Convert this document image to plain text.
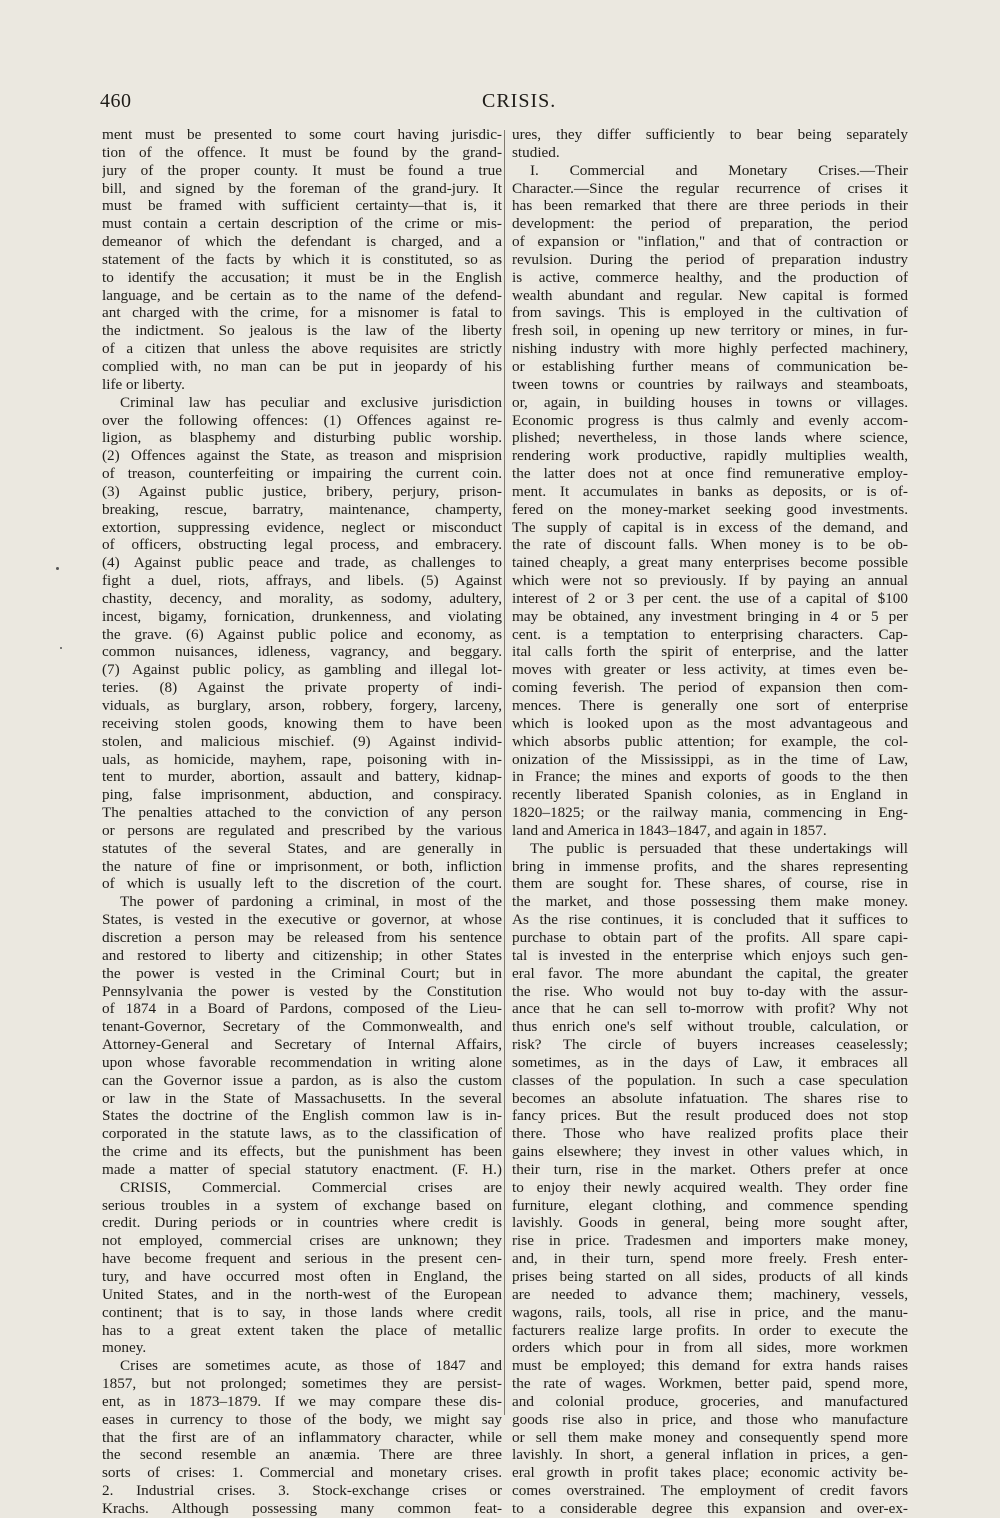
460	CRISIS.
ment must be presented to some court having jurisdic-
tion of the offence. It must be found by the grand-
jury of the proper county. It must be found a true
bill, and signed by the foreman of the grand-jury. It
must be framed with sufficient certainty—that is, it
must contain a certain description of the crime or mis-
demeanor of which the defendant is charged, and a
statement of the facts by which it is constituted, so as
to identify the accusation; it must be in the English
language, and be certain as to the name of the defend-
ant charged with the crime, for a misnomer is fatal to
the indictment. So jealous is the law of the liberty
of a citizen that unless the above requisites are strictly
complied with, no man can be put in jeopardy of his
life or liberty.
Criminal law has peculiar and exclusive jurisdiction
over the following offences: (1) Offences against re-
ligion, as blasphemy and disturbing public worship.
(2) Offences against the State, as treason and misprision
of treason, counterfeiting or impairing the current coin.
(3) Against public justice, bribery, perjury, prison-
breaking, rescue, barratry, maintenance, champerty,
extortion, suppressing evidence, neglect or misconduct
of officers, obstructing legal process, and embracery.
(4) Against public peace and trade, as challenges to
fight a duel, riots, affrays, and libels. (5) Against
chastity, decency, and morality, as sodomy, adultery,
incest, bigamy, fornication, drunkenness, and violating
the grave. (6) Against public police and economy, as
common nuisances, idleness, vagrancy, and beggary.
(7) Against public policy, as gambling and illegal lot-
teries. (8) Against the private property of indi-
viduals, as burglary, arson, robbery, forgery, larceny,
receiving stolen goods, knowing them to have been
stolen, and malicious mischief. (9) Against individ-
uals, as homicide, mayhem, rape, poisoning with in-
tent to murder, abortion, assault and battery, kidnap-
ping, false imprisonment, abduction, and conspiracy.
The penalties attached to the conviction of any person
or persons are regulated and prescribed by the various
statutes of the several States, and are generally in
the nature of fine or imprisonment, or both, infliction
of which is usually left to the discretion of the court.
The power of pardoning a criminal, in most of the
States, is vested in the executive or governor, at whose
discretion a person may be released from his sentence
and restored to liberty and citizenship; in other States
the power is vested in the Criminal Court; but in
Pennsylvania the power is vested by the Constitution
of 1874 in a Board of Pardons, composed of the Lieu-
tenant-Governor, Secretary of the Commonwealth, and
Attorney-General and Secretary of Internal Affairs,
upon whose favorable recommendation in writing alone
can the Governor issue a pardon, as is also the custom
or law in the State of Massachusetts. In the several
States the doctrine of the English common law is in-
corporated in the statute laws, as to the classification of
the crime and its effects, but the punishment has been
made a matter of special statutory enactment. (F. H.)
CRISIS, Commercial. Commercial crises are
serious troubles in a system of exchange based on
credit. During periods or in countries where credit is
not employed, commercial crises are unknown; they
have become frequent and serious in the present cen-
tury, and have occurred most often in England, the
United States, and in the north-west of the European
continent; that is to say, in those lands where credit
has to a great extent taken the place of metallic
money.
Crises are sometimes acute, as those of 1847 and
1857, but not prolonged; sometimes they are persist-
ent, as in 1873–1879. If we may compare these dis-
eases in currency to those of the body, we might say
that the first are of an inflammatory character, while
the second resemble an anæmia. There are three
sorts of crises: 1. Commercial and monetary crises.
2. Industrial crises. 3. Stock-exchange crises or
Krachs. Although possessing many common feat-
ures, they differ sufficiently to bear being separately
studied.
I. Commercial and Monetary Crises.—Their
Character.—Since the regular recurrence of crises it
has been remarked that there are three periods in their
development: the period of preparation, the period
of expansion or "inflation," and that of contraction or
revulsion. During the period of preparation industry
is active, commerce healthy, and the production of
wealth abundant and regular. New capital is formed
from savings. This is employed in the cultivation of
fresh soil, in opening up new territory or mines, in fur-
nishing industry with more highly perfected machinery,
or establishing further means of communication be-
tween towns or countries by railways and steamboats,
or, again, in building houses in towns or villages.
Economic progress is thus calmly and evenly accom-
plished; nevertheless, in those lands where science,
rendering work productive, rapidly multiplies wealth,
the latter does not at once find remunerative employ-
ment. It accumulates in banks as deposits, or is of-
fered on the money-market seeking good investments.
The supply of capital is in excess of the demand, and
the rate of discount falls. When money is to be ob-
tained cheaply, a great many enterprises become possible
which were not so previously. If by paying an annual
interest of 2 or 3 per cent. the use of a capital of $100
may be obtained, any investment bringing in 4 or 5 per
cent. is a temptation to enterprising characters. Cap-
ital calls forth the spirit of enterprise, and the latter
moves with greater or less activity, at times even be-
coming feverish. The period of expansion then com-
mences. There is generally one sort of enterprise
which is looked upon as the most advantageous and
which absorbs public attention; for example, the col-
onization of the Mississippi, as in the time of Law,
in France; the mines and exports of goods to the then
recently liberated Spanish colonies, as in England in
1820–1825; or the railway mania, commencing in Eng-
land and America in 1843–1847, and again in 1857.
The public is persuaded that these undertakings will
bring in immense profits, and the shares representing
them are sought for. These shares, of course, rise in
the market, and those possessing them make money.
As the rise continues, it is concluded that it suffices to
purchase to obtain part of the profits. All spare capi-
tal is invested in the enterprise which enjoys such gen-
eral favor. The more abundant the capital, the greater
the rise. Who would not buy to-day with the assur-
ance that he can sell to-morrow with profit? Why not
thus enrich one's self without trouble, calculation, or
risk? The circle of buyers increases ceaselessly;
sometimes, as in the days of Law, it embraces all
classes of the population. In such a case speculation
becomes an absolute infatuation. The shares rise to
fancy prices. But the result produced does not stop
there. Those who have realized profits place their
gains elsewhere; they invest in other values which, in
their turn, rise in the market. Others prefer at once
to enjoy their newly acquired wealth. They order fine
furniture, elegant clothing, and commence spending
lavishly. Goods in general, being more sought after,
rise in price. Tradesmen and importers make money,
and, in their turn, spend more freely. Fresh enter-
prises being started on all sides, products of all kinds
are needed to advance them; machinery, vessels,
wagons, rails, tools, all rise in price, and the manu-
facturers realize large profits. In order to execute the
orders which pour in from all sides, more workmen
must be employed; this demand for extra hands raises
the rate of wages. Workmen, better paid, spend more,
and colonial produce, groceries, and manufactured
goods rise also in price, and those who manufacture
or sell them make money and consequently spend more
lavishly. In short, a general inflation in prices, a gen-
eral growth in profit takes place; economic activity be-
comes overstrained. The employment of credit favors
to a considerable degree this expansion and over-ex-
